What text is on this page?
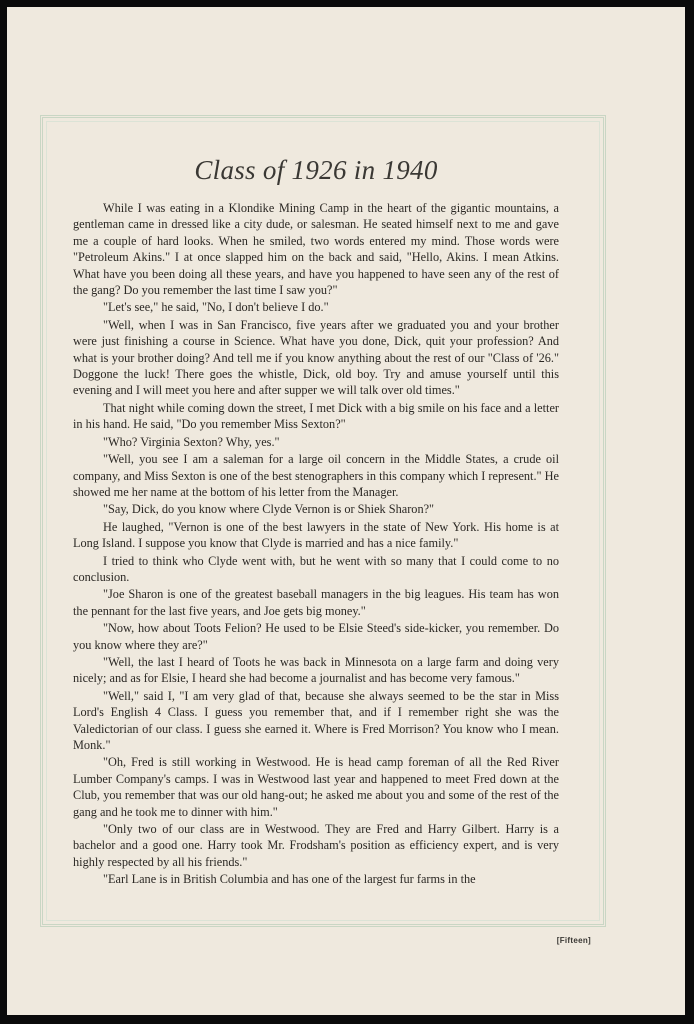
Class of 1926 in 1940

While I was eating in a Klondike Mining Camp in the heart of the gigantic mountains, a gentleman came in dressed like a city dude, or salesman. He seated himself next to me and gave me a couple of hard looks. When he smiled, two words entered my mind. Those words were "Petroleum Akins." I at once slapped him on the back and said, "Hello, Akins. I mean Atkins. What have you been doing all these years, and have you happened to have seen any of the rest of the gang? Do you remember the last time I saw you?"

"Let's see," he said, "No, I don't believe I do."

"Well, when I was in San Francisco, five years after we graduated you and your brother were just finishing a course in Science. What have you done, Dick, quit your profession? And what is your brother doing? And tell me if you know anything about the rest of our "Class of '26." Doggone the luck! There goes the whistle, Dick, old boy. Try and amuse yourself until this evening and I will meet you here and after supper we will talk over old times."

That night while coming down the street, I met Dick with a big smile on his face and a letter in his hand. He said, "Do you remember Miss Sexton?"

"Who? Virginia Sexton? Why, yes."

"Well, you see I am a saleman for a large oil concern in the Middle States, a crude oil company, and Miss Sexton is one of the best stenographers in this company which I represent." He showed me her name at the bottom of his letter from the Manager.

"Say, Dick, do you know where Clyde Vernon is or Shiek Sharon?"

He laughed, "Vernon is one of the best lawyers in the state of New York. His home is at Long Island. I suppose you know that Clyde is married and has a nice family."

I tried to think who Clyde went with, but he went with so many that I could come to no conclusion.

"Joe Sharon is one of the greatest baseball managers in the big leagues. His team has won the pennant for the last five years, and Joe gets big money."

"Now, how about Toots Felion? He used to be Elsie Steed's side-kicker, you remember. Do you know where they are?"

"Well, the last I heard of Toots he was back in Minnesota on a large farm and doing very nicely; and as for Elsie, I heard she had become a journalist and has become very famous."

"Well," said I, "I am very glad of that, because she always seemed to be the star in Miss Lord's English 4 Class. I guess you remember that, and if I remember right she was the Valedictorian of our class. I guess she earned it. Where is Fred Morrison? You know who I mean. Monk."

"Oh, Fred is still working in Westwood. He is head camp foreman of all the Red River Lumber Company's camps. I was in Westwood last year and happened to meet Fred down at the Club, you remember that was our old hang-out; he asked me about you and some of the rest of the gang and he took me to dinner with him."

"Only two of our class are in Westwood. They are Fred and Harry Gilbert. Harry is a bachelor and a good one. Harry took Mr. Frodsham's position as efficiency expert, and is very highly respected by all his friends."

"Earl Lane is in British Columbia and has one of the largest fur farms in the

[Fifteen]
